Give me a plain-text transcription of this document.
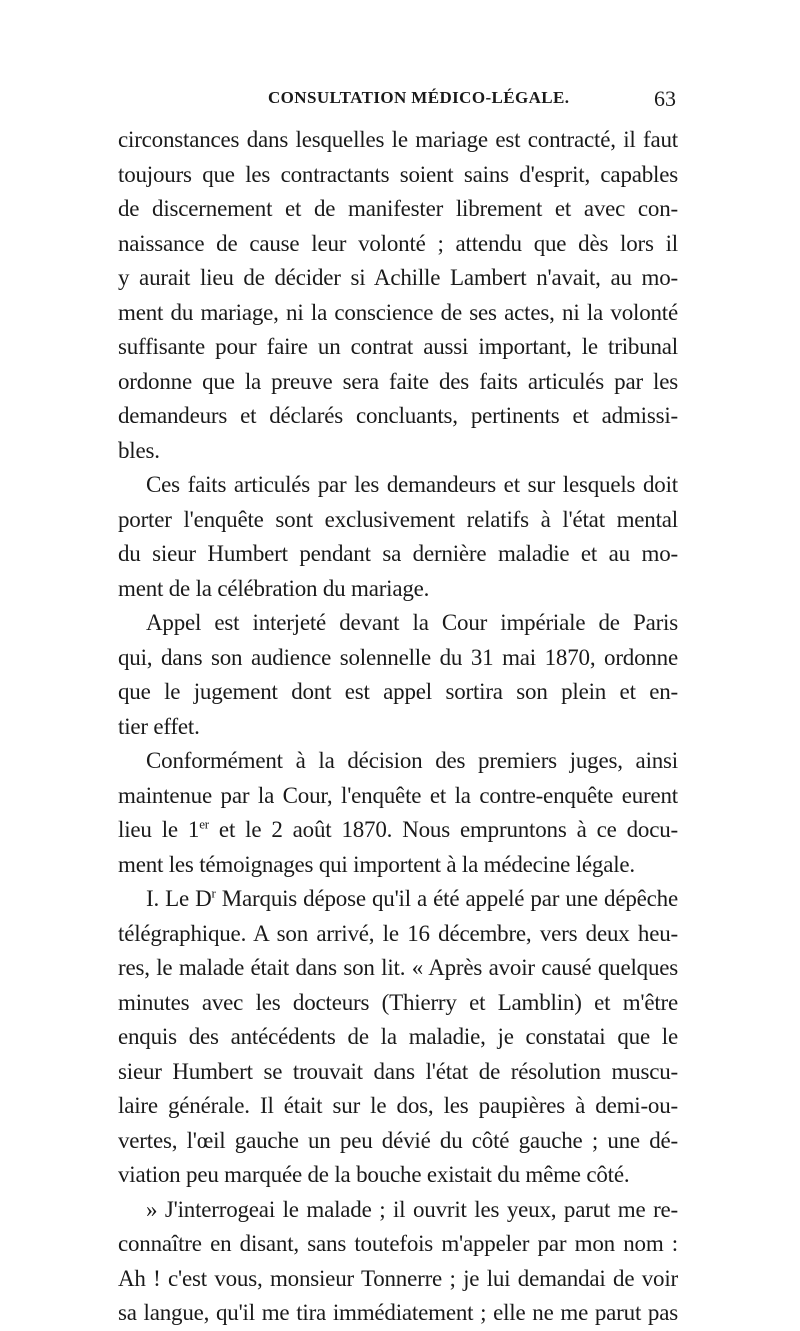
CONSULTATION MÉDICO-LÉGALE.	63
circonstances dans lesquelles le mariage est contracté, il faut
toujours que les contractants soient sains d'esprit, capables
de discernement et de manifester librement et avec con-
naissance de cause leur volonté ; attendu que dès lors il
y aurait lieu de décider si Achille Lambert n'avait, au mo-
ment du mariage, ni la conscience de ses actes, ni la volonté
suffisante pour faire un contrat aussi important, le tribunal
ordonne que la preuve sera faite des faits articulés par les
demandeurs et déclarés concluants, pertinents et admissi-
bles.
Ces faits articulés par les demandeurs et sur lesquels doit
porter l'enquête sont exclusivement relatifs à l'état mental
du sieur Humbert pendant sa dernière maladie et au mo-
ment de la célébration du mariage.
Appel est interjeté devant la Cour impériale de Paris
qui, dans son audience solennelle du 31 mai 1870, ordonne
que le jugement dont est appel sortira son plein et en-
tier effet.
Conformément à la décision des premiers juges, ainsi
maintenue par la Cour, l'enquête et la contre-enquête eurent
lieu le 1er et le 2 août 1870. Nous empruntons à ce docu-
ment les témoignages qui importent à la médecine légale.
I. Le $D^r$ Marquis dépose qu'il a été appelé par une dépêche
télégraphique. A son arrivé, le 16 décembre, vers deux heu-
res, le malade était dans son lit. « Après avoir causé quelques
minutes avec les docteurs (Thierry et Lamblin) et m'être
enquis des antécédents de la maladie, je constatai que le
sieur Humbert se trouvait dans l'état de résolution muscu-
laire générale. Il était sur le dos, les paupières à demi-ou-
vertes, l'œil gauche un peu dévié du côté gauche ; une dé-
viation peu marquée de la bouche existait du même côté.
» J'interrogeai le malade ; il ouvrit les yeux, parut me re-
connaître en disant, sans toutefois m'appeler par mon nom :
Ah ! c'est vous, monsieur Tonnerre ; je lui demandai de voir
sa langue, qu'il me tira immédiatement ; elle ne me parut pas
